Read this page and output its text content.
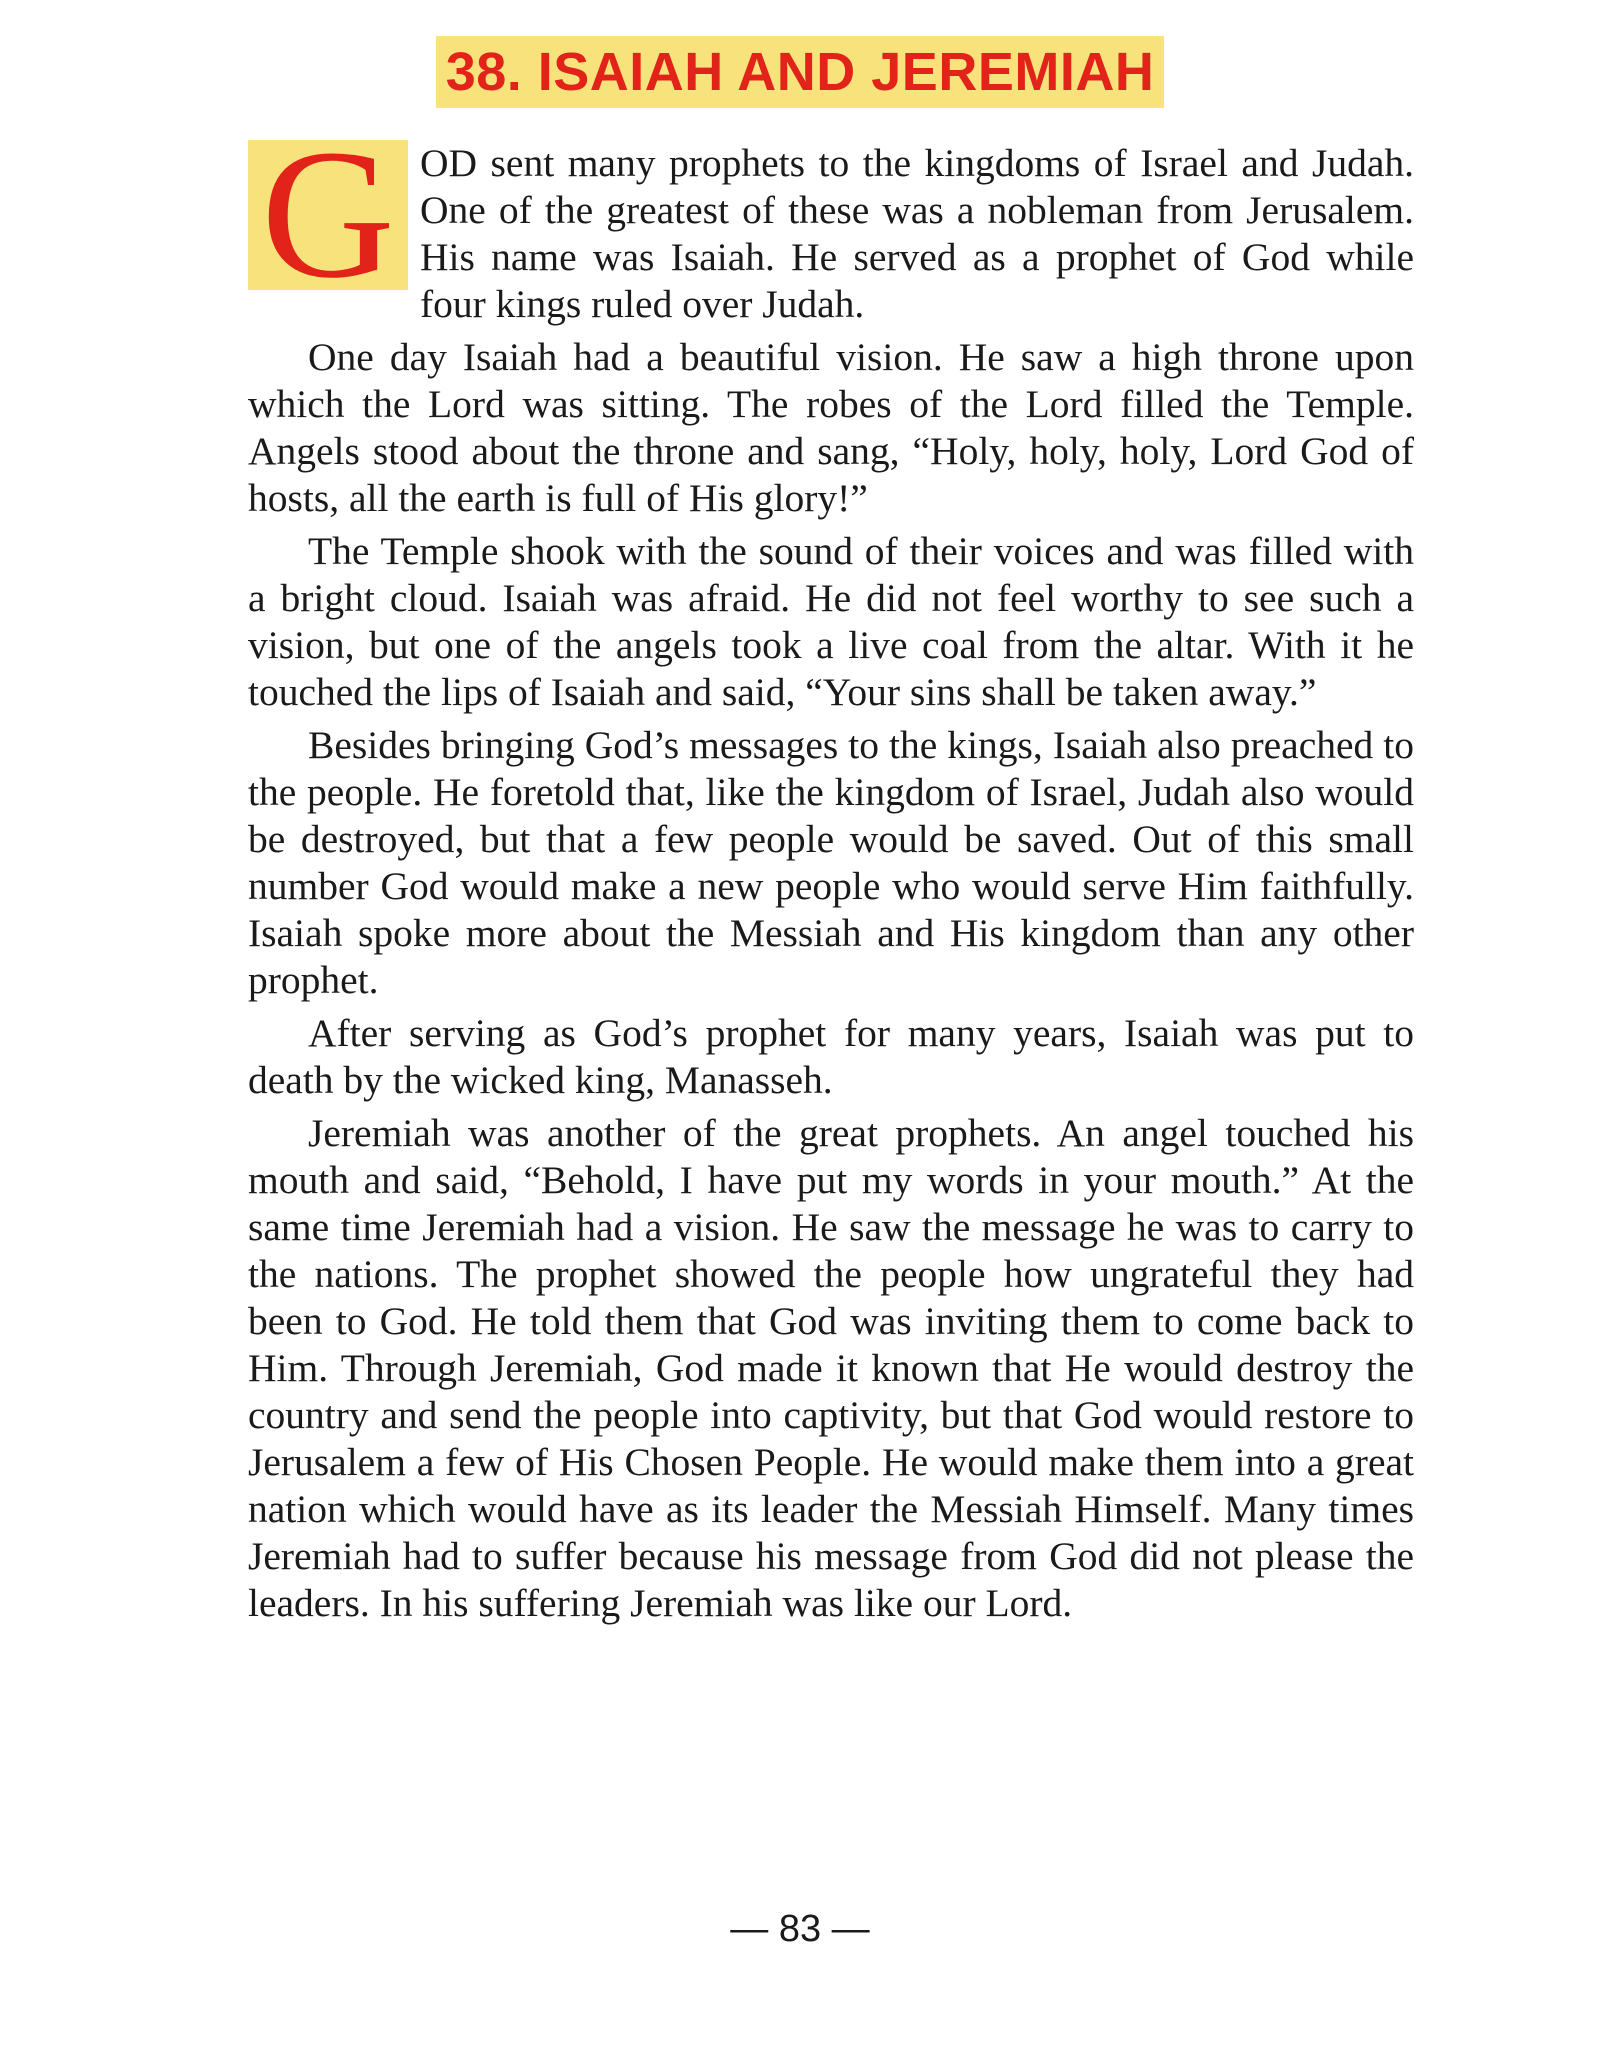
38. ISAIAH AND JEREMIAH

G OD sent many prophets to the kingdoms of Israel and Judah. One of the greatest of these was a nobleman from Jerusalem. His name was Isaiah. He served as a prophet of God while four kings ruled over Judah.

One day Isaiah had a beautiful vision. He saw a high throne upon which the Lord was sitting. The robes of the Lord filled the Temple. Angels stood about the throne and sang, “Holy, holy, holy, Lord God of hosts, all the earth is full of His glory!”

The Temple shook with the sound of their voices and was filled with a bright cloud. Isaiah was afraid. He did not feel worthy to see such a vision, but one of the angels took a live coal from the altar. With it he touched the lips of Isaiah and said, “Your sins shall be taken away.”

Besides bringing God’s messages to the kings, Isaiah also preached to the people. He foretold that, like the kingdom of Israel, Judah also would be destroyed, but that a few people would be saved. Out of this small number God would make a new people who would serve Him faithfully. Isaiah spoke more about the Messiah and His kingdom than any other prophet.

After serving as God’s prophet for many years, Isaiah was put to death by the wicked king, Manasseh.

Jeremiah was another of the great prophets. An angel touched his mouth and said, “Behold, I have put my words in your mouth.” At the same time Jeremiah had a vision. He saw the message he was to carry to the nations. The prophet showed the people how ungrateful they had been to God. He told them that God was inviting them to come back to Him. Through Jeremiah, God made it known that He would destroy the country and send the people into captivity, but that God would restore to Jerusalem a few of His Chosen People. He would make them into a great nation which would have as its leader the Messiah Himself. Many times Jeremiah had to suffer because his message from God did not please the leaders. In his suffering Jeremiah was like our Lord.

— 83 —
